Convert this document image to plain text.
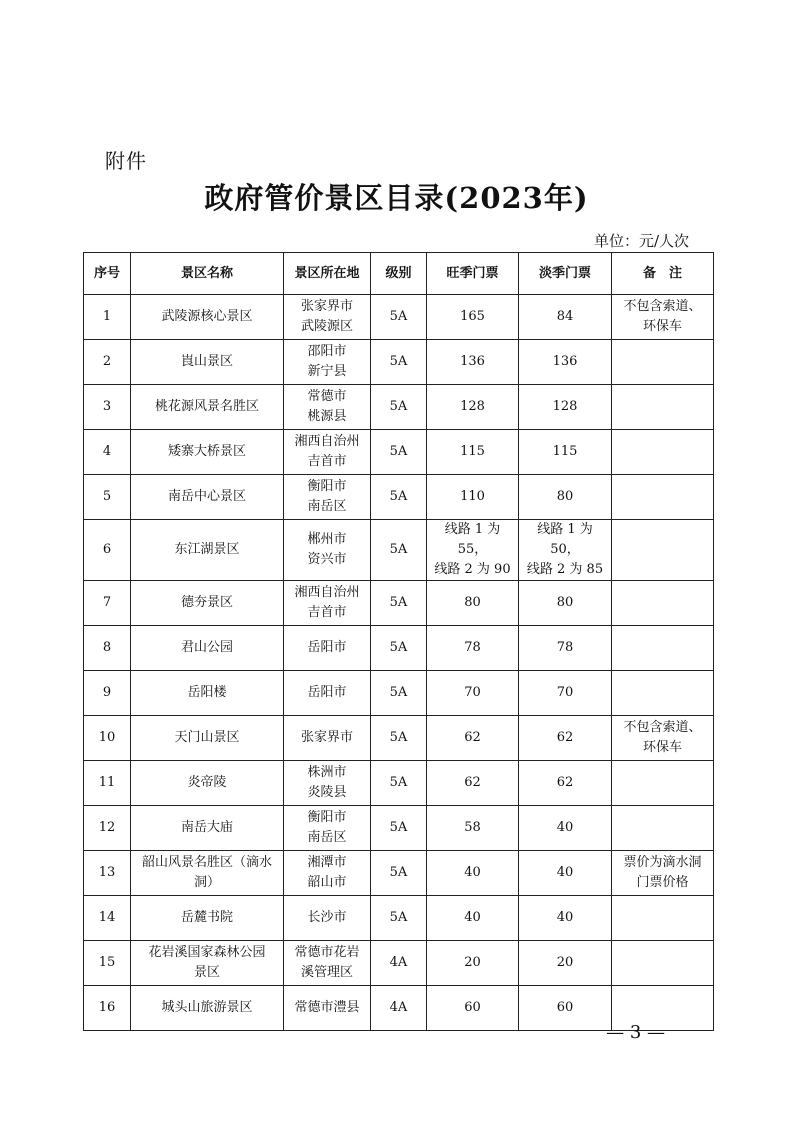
附件
政府管价景区目录(2023年)
单位：元/人次
序号	景区名称	景区所在地	级别	旺季门票	淡季门票	备　注
1	武陵源核心景区	张家界市
武陵源区	5A	165	84	不包含索道、
环保车
2	崀山景区	邵阳市
新宁县	5A	136	136	
3	桃花源风景名胜区	常德市
桃源县	5A	128	128	
4	矮寨大桥景区	湘西自治州
吉首市	5A	115	115	
5	南岳中心景区	衡阳市
南岳区	5A	110	80	
6	东江湖景区	郴州市
资兴市	5A	线路 1 为 55，
线路 2 为 90	线路 1 为 50，
线路 2 为 85	
7	德夯景区	湘西自治州
吉首市	5A	80	80	
8	君山公园	岳阳市	5A	78	78	
9	岳阳楼	岳阳市	5A	70	70	
10	天门山景区	张家界市	5A	62	62	不包含索道、
环保车
11	炎帝陵	株洲市
炎陵县	5A	62	62	
12	南岳大庙	衡阳市
南岳区	5A	58	40	
13	韶山风景名胜区（滴水洞）	湘潭市
韶山市	5A	40	40	票价为滴水洞
门票价格
14	岳麓书院	长沙市	5A	40	40	
15	花岩溪国家森林公园
景区	常德市花岩
溪管理区	4A	20	20	
16	城头山旅游景区	常德市澧县	4A	60	60	
— 3 —
